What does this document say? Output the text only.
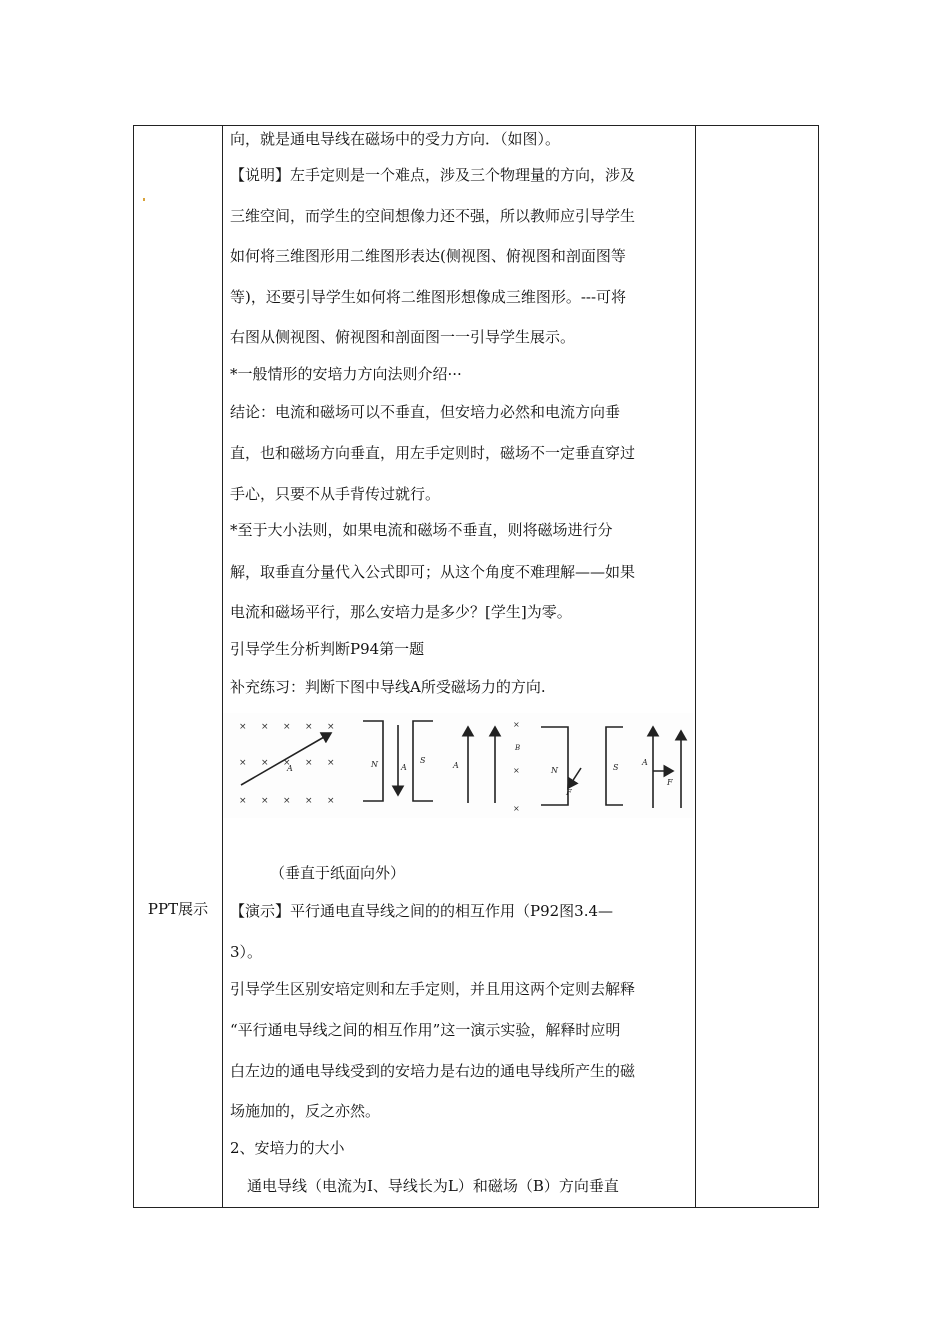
PPT展示
向，就是通电导线在磁场中的受力方向．（如图）。
【说明】左手定则是一个难点，涉及三个物理量的方向，涉及
三维空间，而学生的空间想像力还不强，所以教师应引导学生
如何将三维图形用二维图形表达(侧视图、俯视图和剖面图等
等)，还要引导学生如何将二维图形想像成三维图形。---可将
右图从侧视图、俯视图和剖面图一一引导学生展示。
*一般情形的安培力方向法则介绍···
结论：电流和磁场可以不垂直，但安培力必然和电流方向垂
直，也和磁场方向垂直，用左手定则时，磁场不一定垂直穿过
手心，只要不从手背传过就行。
*至于大小法则，如果电流和磁场不垂直，则将磁场进行分
解，取垂直分量代入公式即可；从这个角度不难理解——如果
电流和磁场平行，那么安培力是多少？[学生]为零。
引导学生分析判断P94第一题
补充练习：判断下图中导线A所受磁场力的方向.
（垂直于纸面向外）
【演示】平行通电直导线之间的的相互作用（P92图3.4—
3）。
引导学生区别安培定则和左手定则，并且用这两个定则去解释
“平行通电导线之间的相互作用”这一演示实验，解释时应明
白左边的通电导线受到的安培力是右边的通电导线所产生的磁
场施加的，反之亦然。
2、安培力的大小
通电导线（电流为I、导线长为L）和磁场（B）方向垂直
× × × × ×
× × × × ×
× × × × ×
A	N	A
S
A
×
×
×
B
N
F
S
A
F
